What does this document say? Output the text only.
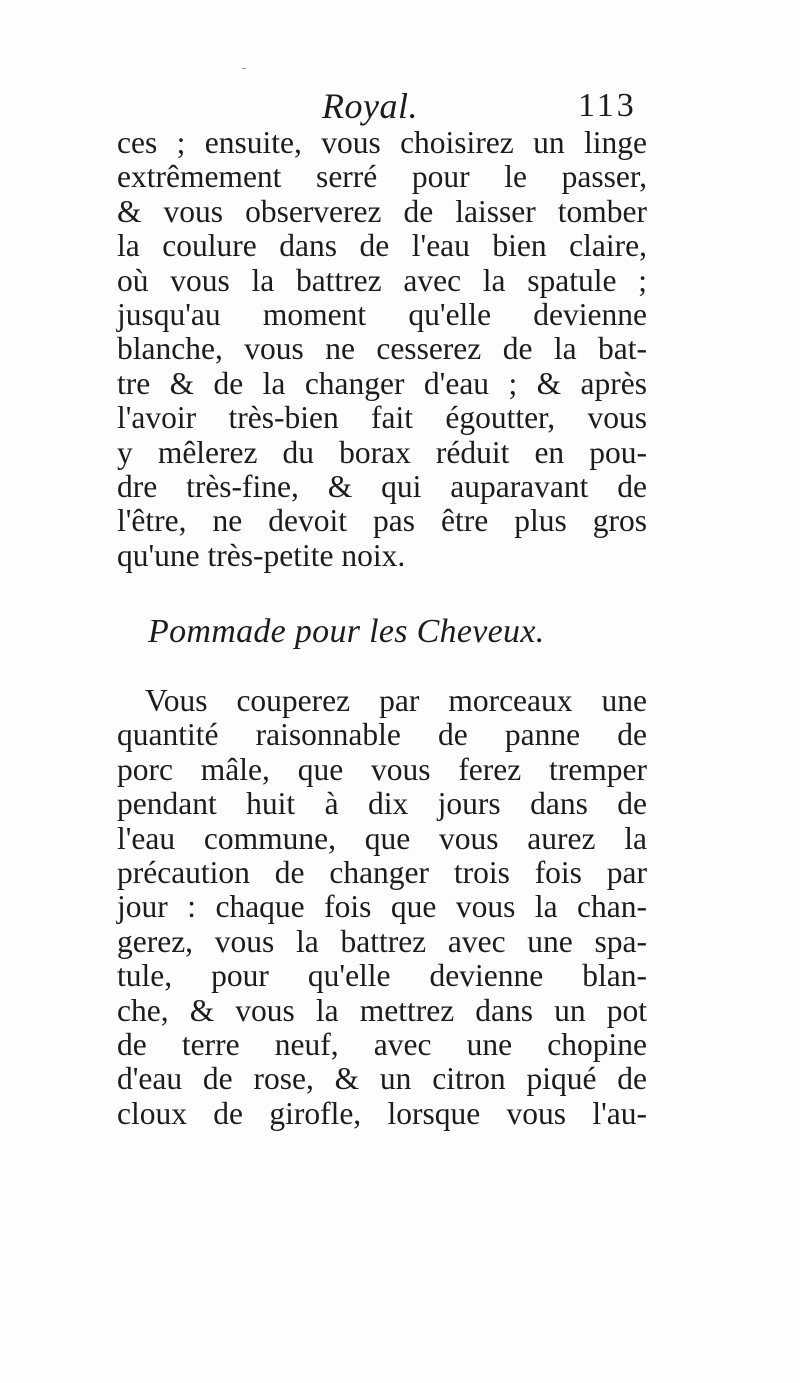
Royal.	113
ces ; ensuite, vous choisirez un linge
extrêmement serré pour le passer,
& vous observerez de laisser tomber
la coulure dans de l'eau bien claire,
où vous la battrez avec la spatule ;
jusqu'au moment qu'elle devienne
blanche, vous ne cesserez de la bat-
tre & de la changer d'eau ; & après
l'avoir très-bien fait égoutter, vous
y mêlerez du borax réduit en pou-
dre très-fine, & qui auparavant de
l'être, ne devoit pas être plus gros
qu'une très-petite noix.
Pommade pour les Cheveux.
Vous couperez par morceaux une
quantité raisonnable de panne de
porc mâle, que vous ferez tremper
pendant huit à dix jours dans de
l'eau commune, que vous aurez la
précaution de changer trois fois par
jour : chaque fois que vous la chan-
gerez, vous la battrez avec une spa-
tule, pour qu'elle devienne blan-
che, & vous la mettrez dans un pot
de terre neuf, avec une chopine
d'eau de rose, & un citron piqué de
cloux de girofle, lorsque vous l'au-
